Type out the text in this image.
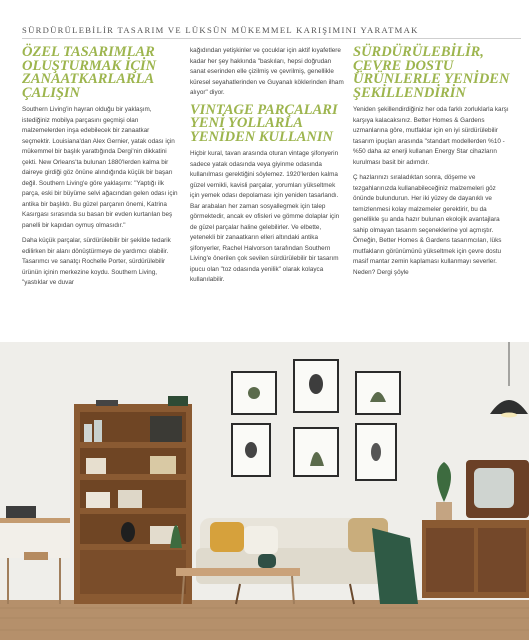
SÜRDÜRÜLEBİLİR TASARIM VE LÜKSÜN MÜKEMMEL KARIŞIMINI YARATMAK
ÖZEL TASARIMLAR OLUŞTURMAK İÇİN ZANAATKARLARLA ÇALIŞIN

Southern Living'in hayran olduğu bir yaklaşım, istediğiniz mobilya parçasını geçmişi olan malzemelerden inşa edebilecek bir zanaatkar seçmektir. Louisiana'dan Alex Gernier, yatak odası için mükemmel bir başlık yarattığında Dergi'nin dikkatini çekti. New Orleans'ta bulunan 1880'lerden kalma bir daireye girdiği göz önüne alındığında küçük bir başarı değil. Southern Living'e göre yaklaşımı: "Yaptığı ilk parça, eski bir büyüme selvi ağacından gelen odası için antika bir başlıktı. Bu güzel parçanın önemi, Katrina Kasırgası sırasında su basan bir evden kurtarılan beş panelli bir kapıdan oymuş olmasıdır."

Daha küçük parçalar, sürdürülebilir bir şekilde tedarik edilirken bir alanı dönüştürmeye de yardımcı olabilir. Tasarımcı ve sanatçı Rochelle Porter, sürdürülebilir ürünün içinin merkezine koydu. Southern Living, "yastıklar ve duvar

kağıdından yetişkinler ve çocuklar için aktif kıyafetlere kadar her şey hakkında "baskıları, hepsi doğrudan sanat eserinden elle çizilmiş ve çevrilmiş, genellikle küresel seyahatlerinden ve Guyanalı köklerinden ilham alıyor" diyor.

VINTAGE PARÇALARI YENİ YOLLARLA YENİDEN KULLANIN

Hiçbir kural, tavan arasında oturan vintage şifonyerin sadece yatak odasında veya giyinme odasında kullanılması gerektiğini söylemez. 1920'lerden kalma güzel vernikli, kavisli parçalar, yorumları yükseltmek için yemek odası depolaması için yeniden tasarlandı. Bar arabaları her zaman sosyallegmek için talep görmektedir, ancak ev ofisleri ve gömme dolaplar için de güzel parçalar haline gelebilirler. Ve elbette, yetenekli bir zanaatkarın elleri altındaki antika şifonyerler, Rachel Halvorson tarafından Southern Living'e önerilen çok sevilen sürdürülebilir bir tasarım ipucu olan "toz odasında yenilik" olarak kolayca kullanılabilir.

SÜRDÜRÜLEBİLİR, ÇEVRE DOSTU ÜRÜNLERLE YENİDEN ŞEKİLLENDİRİN

Yeniden şekillendirdiğiniz her oda farklı zorluklarla karşı karşıya kalacaksınız. Better Homes & Gardens uzmanlarına göre, mutfaklar için en iyi sürdürülebilir tasarım ipuçları arasında "standart modellerden %10 -%50 daha az enerji kullanan Energy Star cihazların kurulması basit bir adımdır.

Ç hazlarınızı sıraladıktan sonra, döşeme ve tezgahlarınızda kullanabileceğiniz malzemeleri göz önünde bulundurun. Her iki yüzey de dayanıklı ve temizlenmesi kolay malzemeler gerektirir, bu da genellikle şu anda hazır bulunan ekolojik avantajlara sahip olmayan tasarım seçeneklerine yol açmıştır. Örneğin, Better Homes & Gardens tasarımcıları, lüks mutfakların görünümünü yükseltmek için çevre dostu masif mantar zemin kaplaması kullanmayı severler. Neden? Dergi şöyle
